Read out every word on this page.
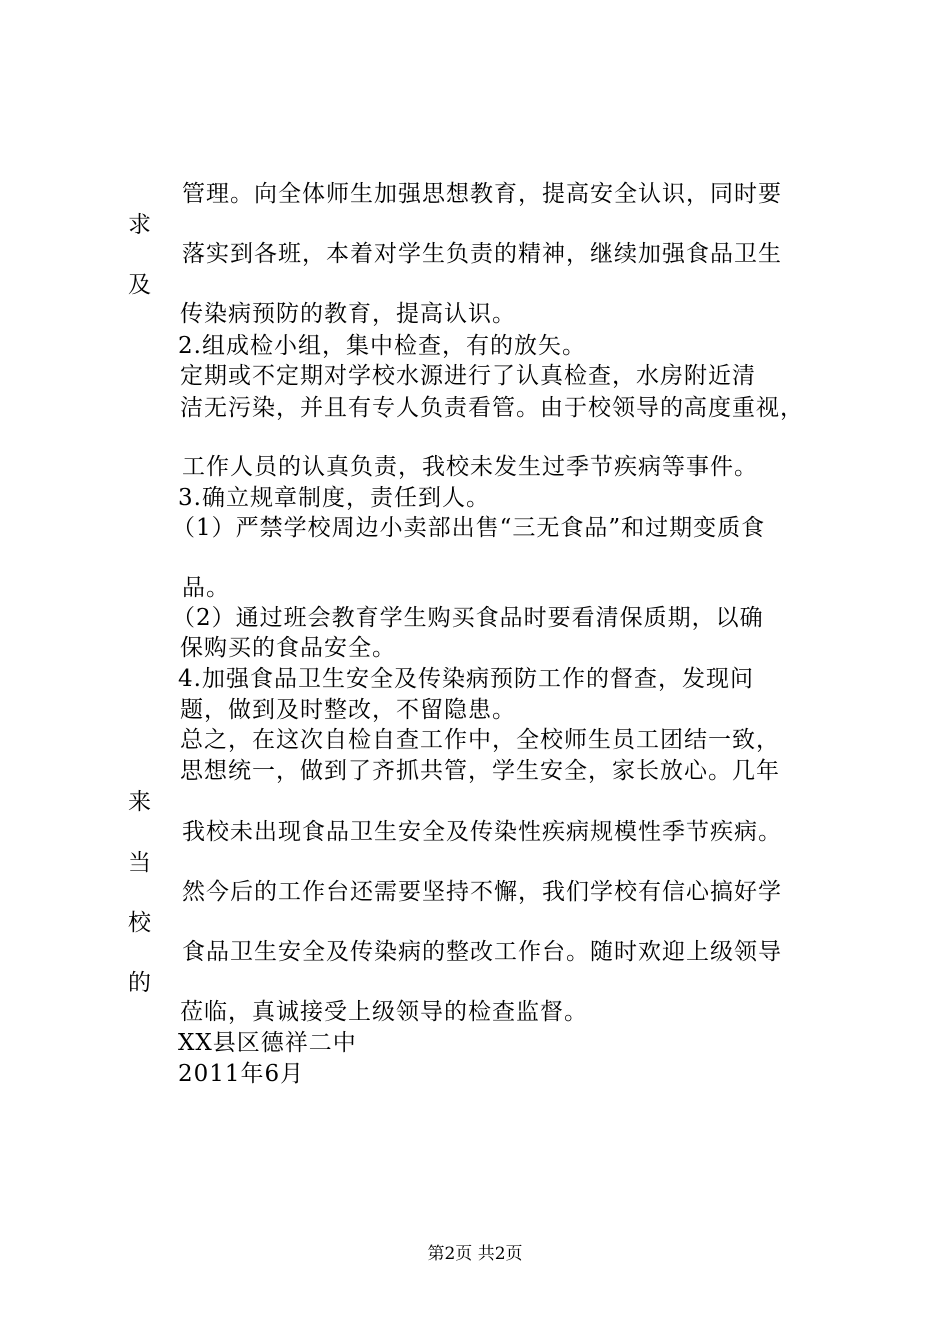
管理。向全体师生加强思想教育，提高安全认识，同时要
求
落实到各班，本着对学生负责的精神，继续加强食品卫生
及
传染病预防的教育，提高认识。
2.组成检小组，集中检查，有的放矢。
定期或不定期对学校水源进行了认真检查，水房附近清
洁无污染，并且有专人负责看管。由于校领导的高度重视，
工作人员的认真负责，我校未发生过季节疾病等事件。
3.确立规章制度，责任到人。
（1）严禁学校周边小卖部出售“三无食品”和过期变质食
品。
（2）通过班会教育学生购买食品时要看清保质期，以确
保购买的食品安全。
4.加强食品卫生安全及传染病预防工作的督查，发现问
题，做到及时整改，不留隐患。
总之，在这次自检自查工作中，全校师生员工团结一致，
思想统一，做到了齐抓共管，学生安全，家长放心。几年
来
我校未出现食品卫生安全及传染性疾病规模性季节疾病。
当
然今后的工作台还需要坚持不懈，我们学校有信心搞好学
校
食品卫生安全及传染病的整改工作台。随时欢迎上级领导
的
莅临，真诚接受上级领导的检查监督。
XX县区德祥二中
2011年6月
第2页 共2页
